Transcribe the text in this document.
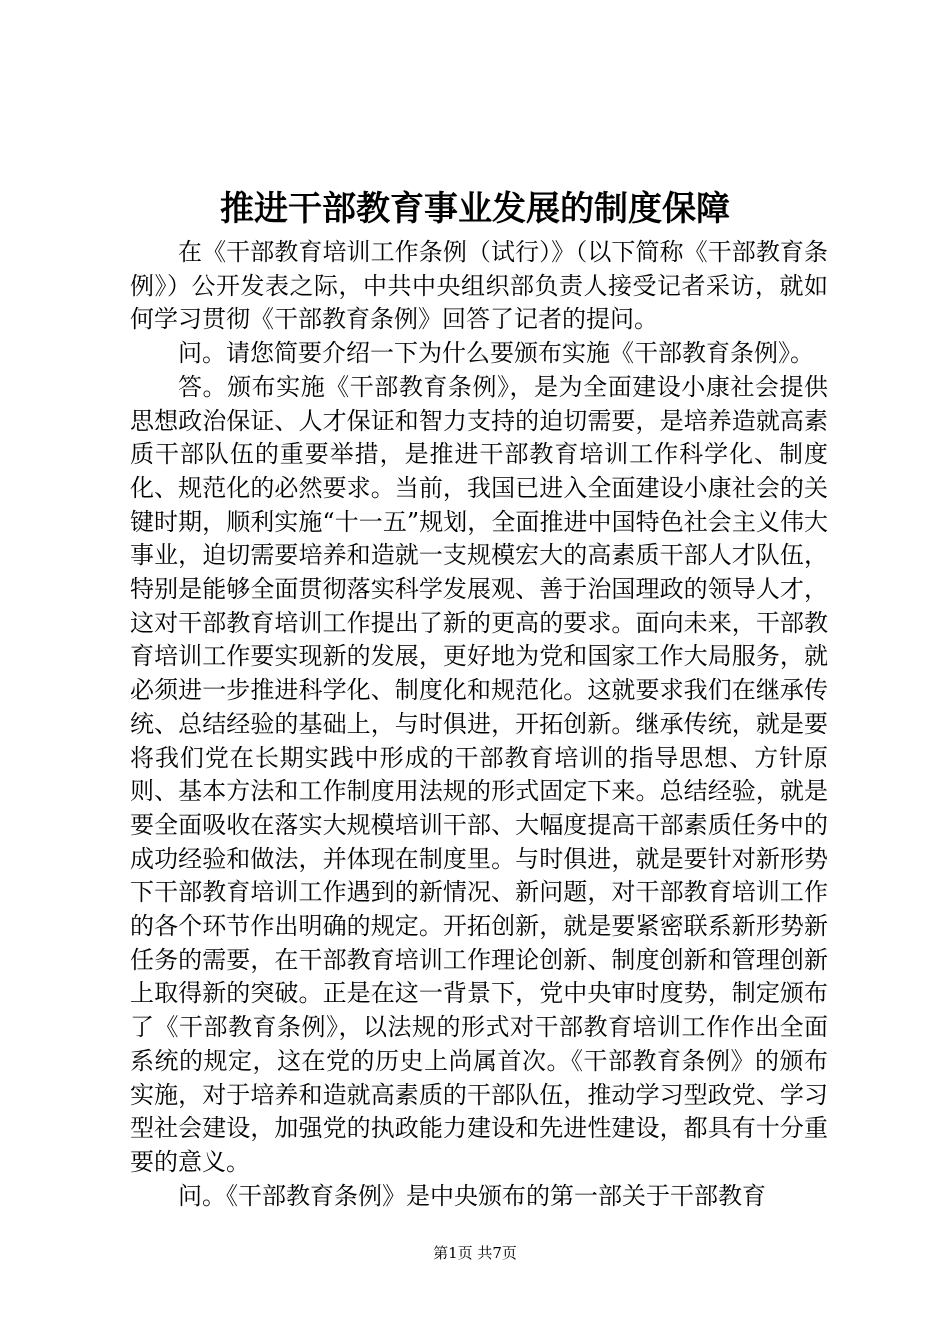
推进干部教育事业发展的制度保障

在《干部教育培训工作条例（试行）》（以下简称《干部教育条例》）公开发表之际，中共中央组织部负责人接受记者采访，就如何学习贯彻《干部教育条例》回答了记者的提问。

问。请您简要介绍一下为什么要颁布实施《干部教育条例》。

答。颁布实施《干部教育条例》，是为全面建设小康社会提供思想政治保证、人才保证和智力支持的迫切需要，是培养造就高素质干部队伍的重要举措，是推进干部教育培训工作科学化、制度化、规范化的必然要求。当前，我国已进入全面建设小康社会的关键时期，顺利实施“十一五”规划，全面推进中国特色社会主义伟大事业，迫切需要培养和造就一支规模宏大的高素质干部人才队伍，特别是能够全面贯彻落实科学发展观、善于治国理政的领导人才，这对干部教育培训工作提出了新的更高的要求。面向未来，干部教育培训工作要实现新的发展，更好地为党和国家工作大局服务，就必须进一步推进科学化、制度化和规范化。这就要求我们在继承传统、总结经验的基础上，与时俱进，开拓创新。继承传统，就是要将我们党在长期实践中形成的干部教育培训的指导思想、方针原则、基本方法和工作制度用法规的形式固定下来。总结经验，就是要全面吸收在落实大规模培训干部、大幅度提高干部素质任务中的成功经验和做法，并体现在制度里。与时俱进，就是要针对新形势下干部教育培训工作遇到的新情况、新问题，对干部教育培训工作的各个环节作出明确的规定。开拓创新，就是要紧密联系新形势新任务的需要，在干部教育培训工作理论创新、制度创新和管理创新上取得新的突破。正是在这一背景下，党中央审时度势，制定颁布了《干部教育条例》，以法规的形式对干部教育培训工作作出全面系统的规定，这在党的历史上尚属首次。《干部教育条例》的颁布实施，对于培养和造就高素质的干部队伍，推动学习型政党、学习型社会建设，加强党的执政能力建设和先进性建设，都具有十分重要的意义。

问。《干部教育条例》是中央颁布的第一部关于干部教育

第1页 共7页
